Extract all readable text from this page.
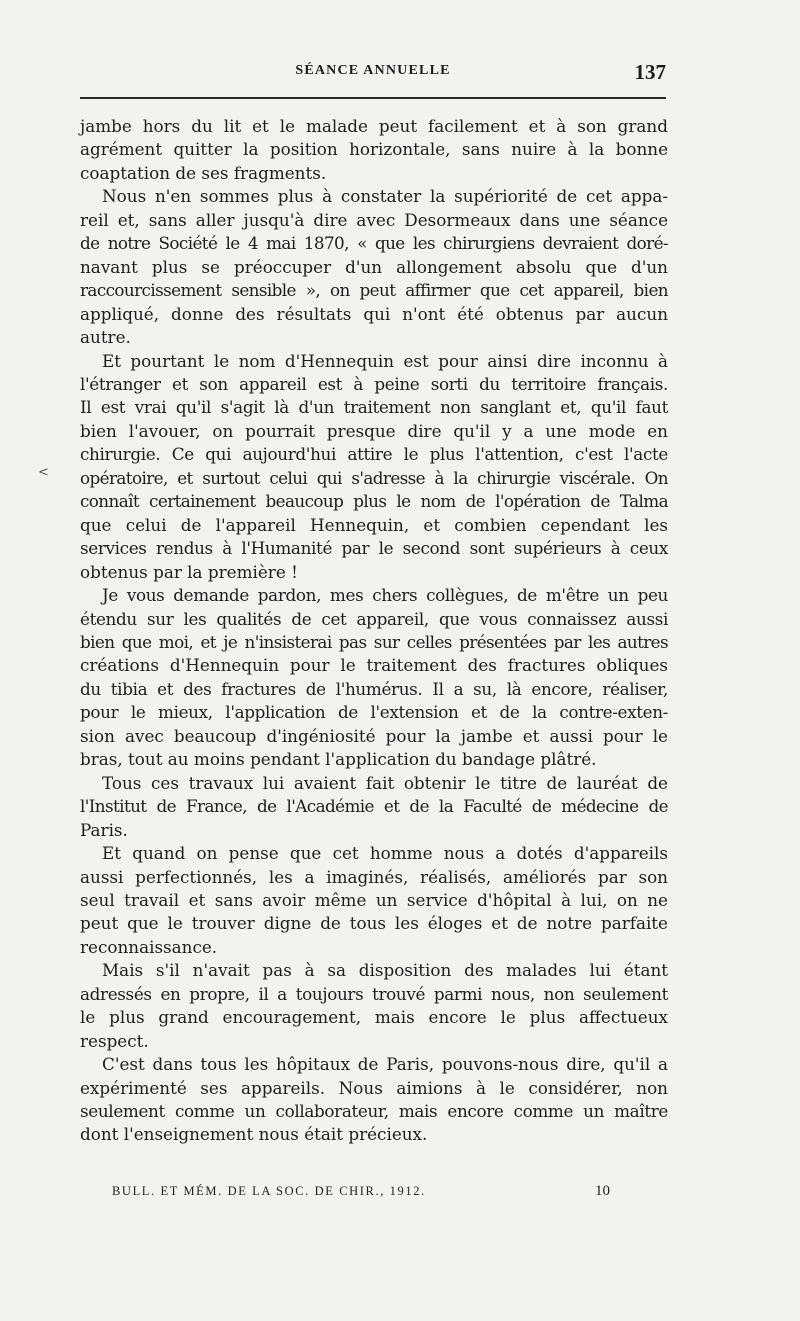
SÉANCE ANNUELLE	137
<
jambe hors du lit et le malade peut facilement et à son grand
agrément quitter la position horizontale, sans nuire à la bonne
coaptation de ses fragments.
Nous n'en sommes plus à constater la supériorité de cet appa-
reil et, sans aller jusqu'à dire avec Desormeaux dans une séance
de notre Société le 4 mai 1870, « que les chirurgiens devraient doré-
navant plus se préoccuper d'un allongement absolu que d'un
raccourcissement sensible », on peut affirmer que cet appareil, bien
appliqué, donne des résultats qui n'ont été obtenus par aucun
autre.
Et pourtant le nom d'Hennequin est pour ainsi dire inconnu à
l'étranger et son appareil est à peine sorti du territoire français.
Il est vrai qu'il s'agit là d'un traitement non sanglant et, qu'il faut
bien l'avouer, on pourrait presque dire qu'il y a une mode en
chirurgie. Ce qui aujourd'hui attire le plus l'attention, c'est l'acte
opératoire, et surtout celui qui s'adresse à la chirurgie viscérale. On
connaît certainement beaucoup plus le nom de l'opération de Talma
que celui de l'appareil Hennequin, et combien cependant les
services rendus à l'Humanité par le second sont supérieurs à ceux
obtenus par la première !
Je vous demande pardon, mes chers collègues, de m'être un peu
étendu sur les qualités de cet appareil, que vous connaissez aussi
bien que moi, et je n'insisterai pas sur celles présentées par les autres
créations d'Hennequin pour le traitement des fractures obliques
du tibia et des fractures de l'humérus. Il a su, là encore, réaliser,
pour le mieux, l'application de l'extension et de la contre-exten-
sion avec beaucoup d'ingéniosité pour la jambe et aussi pour le
bras, tout au moins pendant l'application du bandage plâtré.
Tous ces travaux lui avaient fait obtenir le titre de lauréat de
l'Institut de France, de l'Académie et de la Faculté de médecine de
Paris.
Et quand on pense que cet homme nous a dotés d'appareils
aussi perfectionnés, les a imaginés, réalisés, améliorés par son
seul travail et sans avoir même un service d'hôpital à lui, on ne
peut que le trouver digne de tous les éloges et de notre parfaite
reconnaissance.
Mais s'il n'avait pas à sa disposition des malades lui étant
adressés en propre, il a toujours trouvé parmi nous, non seulement
le plus grand encouragement, mais encore le plus affectueux
respect.
C'est dans tous les hôpitaux de Paris, pouvons-nous dire, qu'il a
expérimenté ses appareils. Nous aimions à le considérer, non
seulement comme un collaborateur, mais encore comme un maître
dont l'enseignement nous était précieux.
BULL. ET MÉM. DE LA SOC. DE CHIR., 1912.	10
